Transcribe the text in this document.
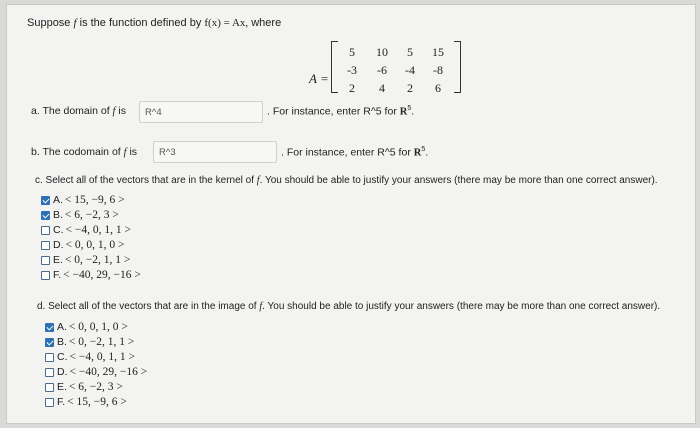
Suppose f is the function defined by f(x) = Ax, where
A =
5	10	5	15
-3	-6	-4	-8
2	4	2	6
a. The domain of f is	R^4	. For instance, enter R^5 for $R^5$.
b. The codomain of f is	R^3	. For instance, enter R^5 for $R^5$.
c. Select all of the vectors that are in the kernel of f. You should be able to justify your answers (there may be more than one correct answer).
A. < 15, −9, 6 >
B. < 6, −2, 3 >
C. < −4, 0, 1, 1 >
D. < 0, 0, 1, 0 >
E. < 0, −2, 1, 1 >
F. < −40, 29, −16 >
d. Select all of the vectors that are in the image of f. You should be able to justify your answers (there may be more than one correct answer).
A. < 0, 0, 1, 0 >
B. < 0, −2, 1, 1 >
C. < −4, 0, 1, 1 >
D. < −40, 29, −16 >
E. < 6, −2, 3 >
F. < 15, −9, 6 >
